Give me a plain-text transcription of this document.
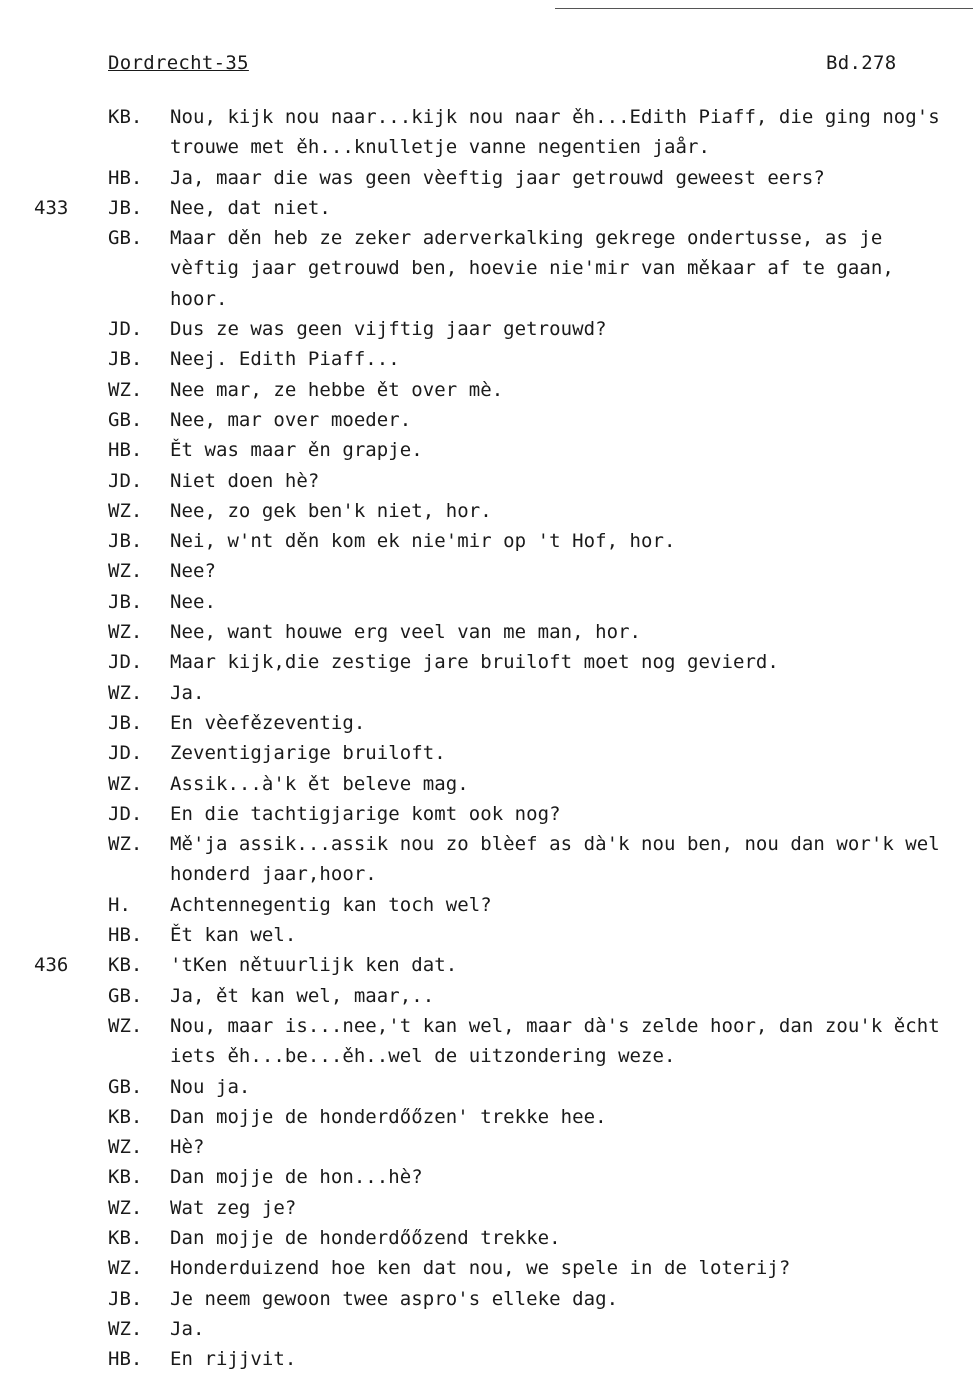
Dordrecht-35	Bd.278
KB. Nou, kijk nou naar...kijk nou naar ěh...Edith Piaff, die ging nog's trouwe met ěh...knulletje vanne negentien jaår.
HB. Ja, maar die was geen vèeftig jaar getrouwd geweest eers?
433 JB. Nee, dat niet.
GB. Maar děn heb ze zeker aderverkalking gekrege ondertusse, as je vèftig jaar getrouwd ben, hoevie nie'mir van měkaar af te gaan, hoor.
JD. Dus ze was geen vijftig jaar getrouwd?
JB. Neej. Edith Piaff...
WZ. Nee mar, ze hebbe ět over mè.
GB. Nee, mar over moeder.
HB. Ět was maar ěn grapje.
JD. Niet doen hè?
WZ. Nee, zo gek ben'k niet, hor.
JB. Nei, w'nt děn kom ek nie'mir op 't Hof, hor.
WZ. Nee?
JB. Nee.
WZ. Nee, want houwe erg veel van me man, hor.
JD. Maar kijk,die zestige jare bruiloft moet nog gevierd.
WZ. Ja.
JB. En vèefězeventig.
JD. Zeventigjarige bruiloft.
WZ. Assik...à'k ět beleve mag.
JD. En die tachtigjarige komt ook nog?
WZ. Mě'ja assik...assik nou zo blèef as dà'k nou ben, nou dan wor'k wel honderd jaar,hoor.
H. Achtennegentig kan toch wel?
HB. Ět kan wel.
436 KB. 'tKen nětuurlijk ken dat.
GB. Ja, ět kan wel, maar,..
WZ. Nou, maar is...nee,'t kan wel, maar dà's zelde hoor, dan zou'k ěcht iets ěh...be...ěh..wel de uitzondering weze.
GB. Nou ja.
KB. Dan mojje de honderdőőzen' trekke hee.
WZ. Hè?
KB. Dan mojje de hon...hè?
WZ. Wat zeg je?
KB. Dan mojje de honderdőőzend trekke.
WZ. Honderduizend hoe ken dat nou, we spele in de loterij?
JB. Je neem gewoon twee aspro's elleke dag.
WZ. Ja.
HB. En rijjvit.
